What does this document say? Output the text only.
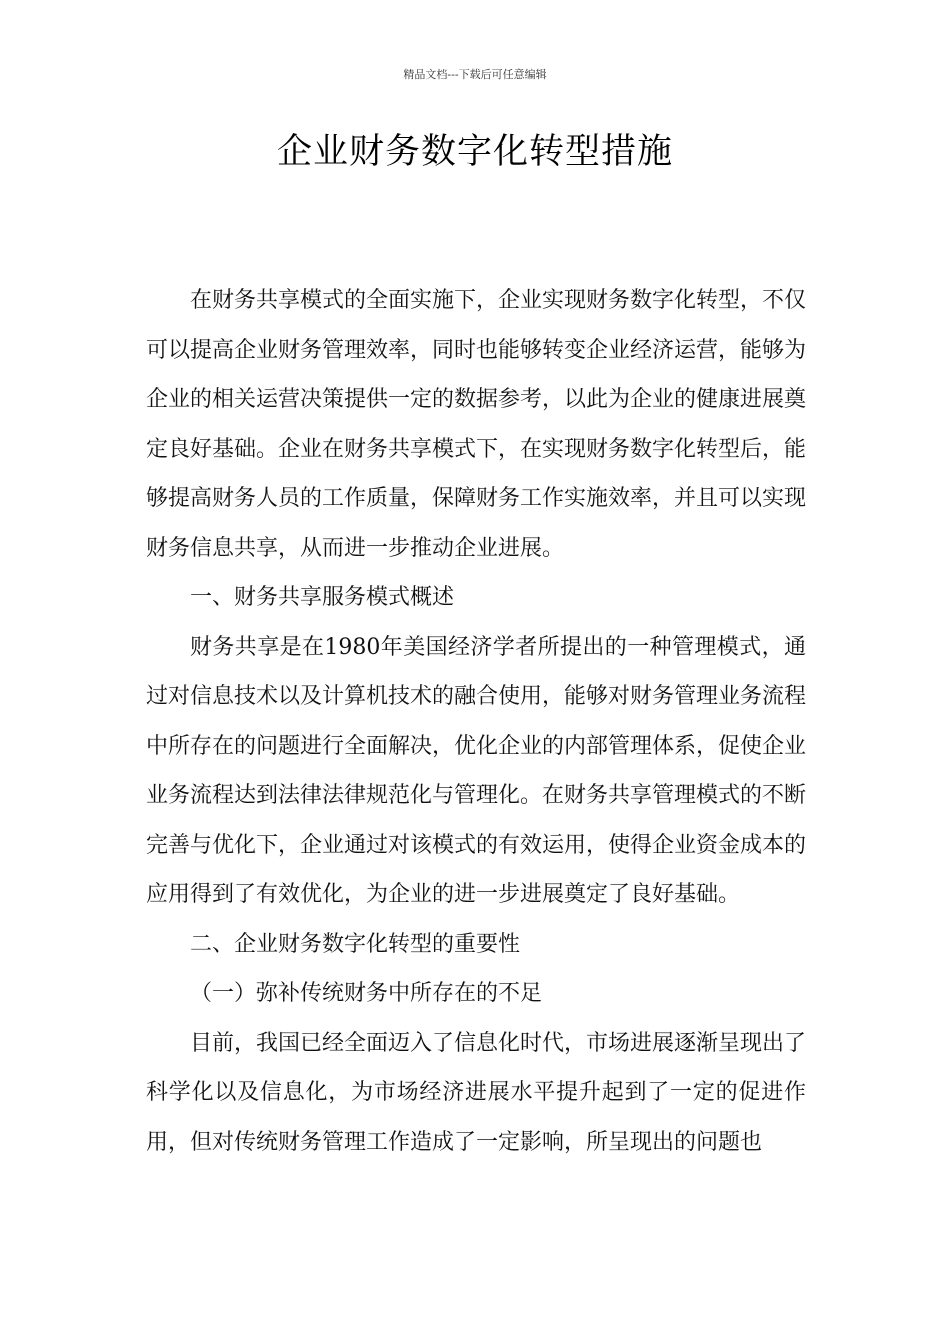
精品文档---下载后可任意编辑
企业财务数字化转型措施

在财务共享模式的全面实施下，企业实现财务数字化转型，不仅可以提高企业财务管理效率，同时也能够转变企业经济运营，能够为企业的相关运营决策提供一定的数据参考，以此为企业的健康进展奠定良好基础。企业在财务共享模式下，在实现财务数字化转型后，能够提高财务人员的工作质量，保障财务工作实施效率，并且可以实现财务信息共享，从而进一步推动企业进展。

一、财务共享服务模式概述

财务共享是在1980年美国经济学者所提出的一种管理模式，通过对信息技术以及计算机技术的融合使用，能够对财务管理业务流程中所存在的问题进行全面解决，优化企业的内部管理体系，促使企业业务流程达到法律法律规范化与管理化。在财务共享管理模式的不断完善与优化下，企业通过对该模式的有效运用，使得企业资金成本的应用得到了有效优化，为企业的进一步进展奠定了良好基础。

二、企业财务数字化转型的重要性

（一）弥补传统财务中所存在的不足

目前，我国已经全面迈入了信息化时代，市场进展逐渐呈现出了科学化以及信息化，为市场经济进展水平提升起到了一定的促进作用，但对传统财务管理工作造成了一定影响，所呈现出的问题也
